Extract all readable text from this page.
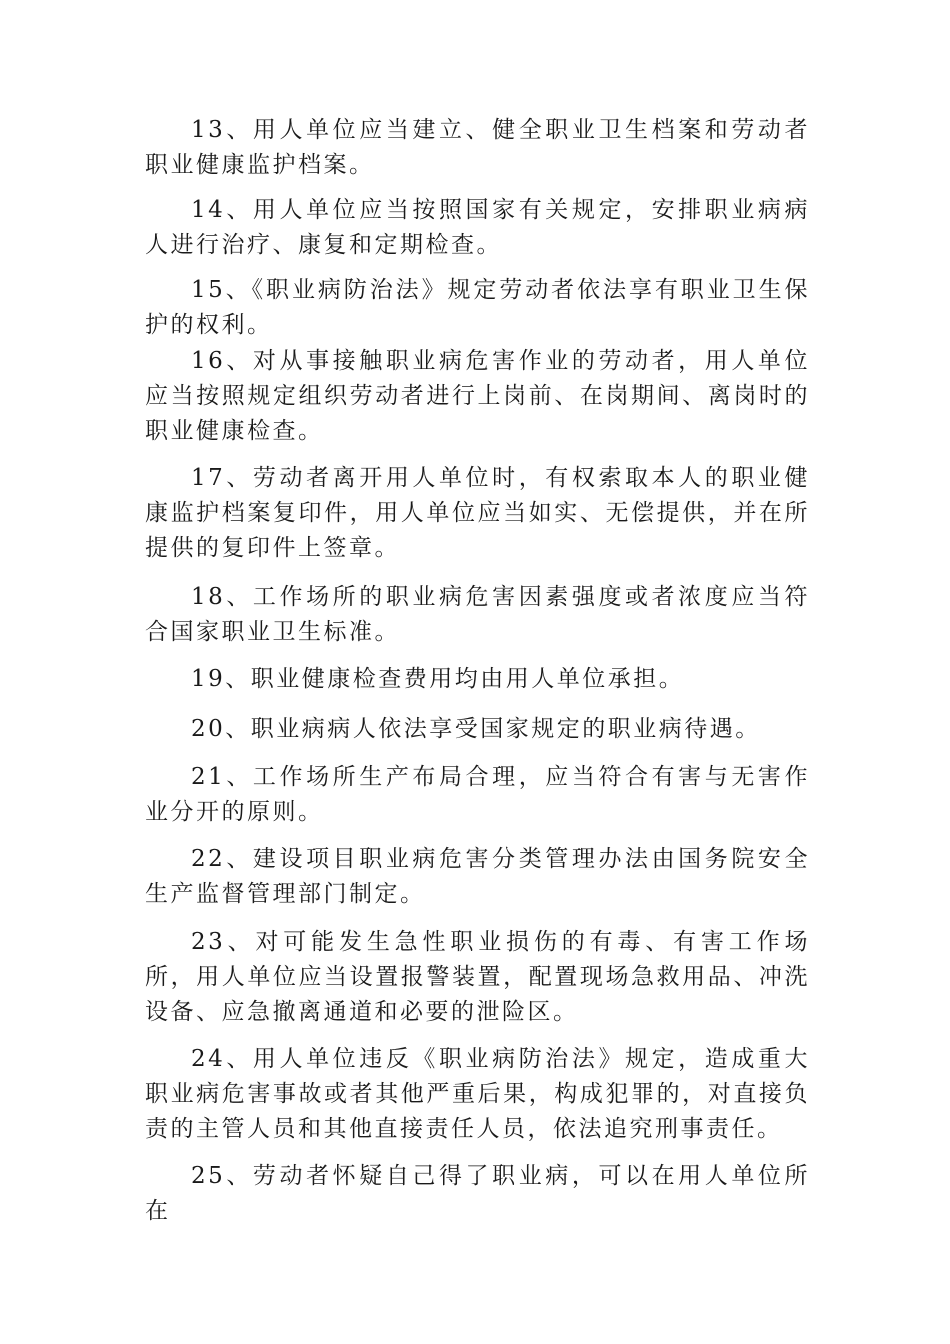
13、用人单位应当建立、健全职业卫生档案和劳动者职业健康监护档案。

14、用人单位应当按照国家有关规定，安排职业病病人进行治疗、康复和定期检查。

15、《职业病防治法》规定劳动者依法享有职业卫生保护的权利。

16、对从事接触职业病危害作业的劳动者，用人单位应当按照规定组织劳动者进行上岗前、在岗期间、离岗时的职业健康检查。

17、劳动者离开用人单位时，有权索取本人的职业健康监护档案复印件，用人单位应当如实、无偿提供，并在所提供的复印件上签章。

18、工作场所的职业病危害因素强度或者浓度应当符合国家职业卫生标准。

19、职业健康检查费用均由用人单位承担。

20、职业病病人依法享受国家规定的职业病待遇。

21、工作场所生产布局合理，应当符合有害与无害作业分开的原则。

22、建设项目职业病危害分类管理办法由国务院安全生产监督管理部门制定。

23、对可能发生急性职业损伤的有毒、有害工作场所，用人单位应当设置报警装置，配置现场急救用品、冲洗设备、应急撤离通道和必要的泄险区。

24、用人单位违反《职业病防治法》规定，造成重大职业病危害事故或者其他严重后果，构成犯罪的，对直接负责的主管人员和其他直接责任人员，依法追究刑事责任。

25、劳动者怀疑自己得了职业病，可以在用人单位所在
